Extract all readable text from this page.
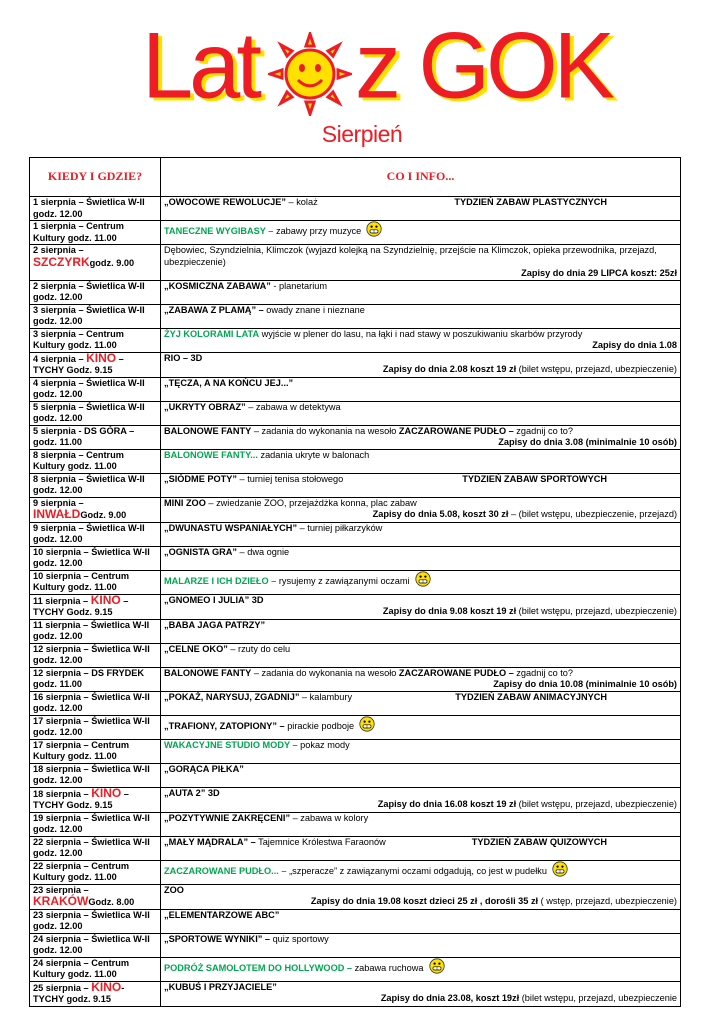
Lat z GOK
Sierpień
KIEDY I GDZIE?	CO I INFO...
1 sierpnia – Świetlica W-II godz. 12.00	„OWOCOWE REWOLUCJE” – kolaż TYDZIEŃ ZABAW PLASTYCZNYCH

1 sierpnia – Centrum Kultury godz. 11.00	TANECZNE WYGIBASY – zabawy przy muzyce

2 sierpnia – SZCZYRKgodz. 9.00	Dębowiec, Szyndzielnia, Klimczok (wyjazd kolejką na Szyndzielnię, przejście na Klimczok, opieka przewodnika, przejazd, ubezpieczenie)
Zapisy do dnia 29 LIPCA koszt: 25zł

2 sierpnia – Świetlica W-II godz. 12.00	„KOSMICZNA ZABAWA” - planetarium

3 sierpnia – Świetlica W-II godz. 12.00	„ZABAWA Z PLAMĄ” – owady znane i nieznane

3 sierpnia – Centrum Kultury godz. 11.00	ŻYJ KOLORAMI LATA wyjście w plener do lasu, na łąki i nad stawy w poszukiwaniu skarbów przyrody
Zapisy do dnia 1.08

4 sierpnia – KINO – TYCHY Godz. 9.15	RIO – 3D
Zapisy do dnia 2.08 koszt 19 zł (bilet wstępu, przejazd, ubezpieczenie)

4 sierpnia – Świetlica W-II godz. 12.00	„TĘCZA, A NA KOŃCU JEJ...”

5 sierpnia – Świetlica W-II godz. 12.00	„UKRYTY OBRAZ” – zabawa w detektywa

5 sierpnia - DS GÓRA – godz. 11.00	BALONOWE FANTY – zadania do wykonania na wesoło ZACZAROWANE PUDŁO – zgadnij co to?
Zapisy do dnia 3.08 (minimalnie 10 osób)

8 sierpnia – Centrum Kultury godz. 11.00	BALONOWE FANTY... zadania ukryte w balonach

8 sierpnia – Świetlica W-II godz. 12.00	„SIÓDME POTY” – turniej tenisa stołowego TYDZIEŃ ZABAW SPORTOWYCH

9 sierpnia – INWAŁDGodz. 9.00	MINI ZOO – zwiedzanie ZOO, przejażdżka konna, plac zabaw
Zapisy do dnia 5.08, koszt 30 zł – (bilet wstępu, ubezpieczenie, przejazd)

9 sierpnia – Świetlica W-II godz. 12.00	„DWUNASTU WSPANIAŁYCH” – turniej piłkarzyków

10 sierpnia – Świetlica W-II godz. 12.00	„OGNISTA GRA” – dwa ognie

10 sierpnia – Centrum Kultury godz. 11.00	MALARZE I ICH DZIEŁO – rysujemy z zawiązanymi oczami

11 sierpnia – KINO – TYCHY Godz. 9.15	„GNOMEO I JULIA” 3D
Zapisy do dnia 9.08 koszt 19 zł (bilet wstępu, przejazd, ubezpieczenie)

11 sierpnia – Świetlica W-II godz. 12.00	„BABA JAGA PATRZY”

12 sierpnia – Świetlica W-II godz. 12.00	„CELNE OKO” – rzuty do celu

12 sierpnia – DS FRYDEK godz. 11.00	BALONOWE FANTY – zadania do wykonania na wesoło ZACZAROWANE PUDŁO – zgadnij co to?
Zapisy do dnia 10.08 (minimalnie 10 osób)

16 sierpnia – Świetlica W-II godz. 12.00	„POKAŻ, NARYSUJ, ZGADNIJ” – kalambury TYDZIEŃ ZABAW ANIMACYJNYCH

17 sierpnia – Świetlica W-II godz. 12.00	„TRAFIONY, ZATOPIONY” – pirackie podboje

17 sierpnia – Centrum Kultury godz. 11.00	WAKACYJNE STUDIO MODY – pokaz mody

18 sierpnia – Świetlica W-II godz. 12.00	„GORĄCA PIŁKA”

18 sierpnia – KINO – TYCHY Godz. 9.15	„AUTA 2” 3D
Zapisy do dnia 16.08 koszt 19 zł (bilet wstępu, przejazd, ubezpieczenie)

19 sierpnia – Świetlica W-II godz. 12.00	„POZYTYWNIE ZAKRĘCENI” – zabawa w kolory

22 sierpnia – Świetlica W-II godz. 12.00	„MAŁY MĄDRALA” – Tajemnice Królestwa Faraonów TYDZIEŃ ZABAW QUIZOWYCH

22 sierpnia – Centrum Kultury godz. 11.00	ZACZAROWANE PUDŁO... – „szperacze” z zawiązanymi oczami odgadują, co jest w pudełku

23 sierpnia – KRAKÓWGodz. 8.00	ZOO
Zapisy do dnia 19.08 koszt dzieci 25 zł , dorośli 35 zł ( wstęp, przejazd, ubezpieczenie)

23 sierpnia – Świetlica W-II godz. 12.00	„ELEMENTARZOWE ABC”

24 sierpnia – Świetlica W-II godz. 12.00	„SPORTOWE WYNIKI” – quiz sportowy

24 sierpnia – Centrum Kultury godz. 11.00	PODRÓŻ SAMOLOTEM DO HOLLYWOOD – zabawa ruchowa

25 sierpnia – KINO- TYCHY godz. 9.15	„KUBUŚ I PRZYJACIELE”
Zapisy do dnia 23.08, koszt 19zł (bilet wstępu, przejazd, ubezpieczenie
